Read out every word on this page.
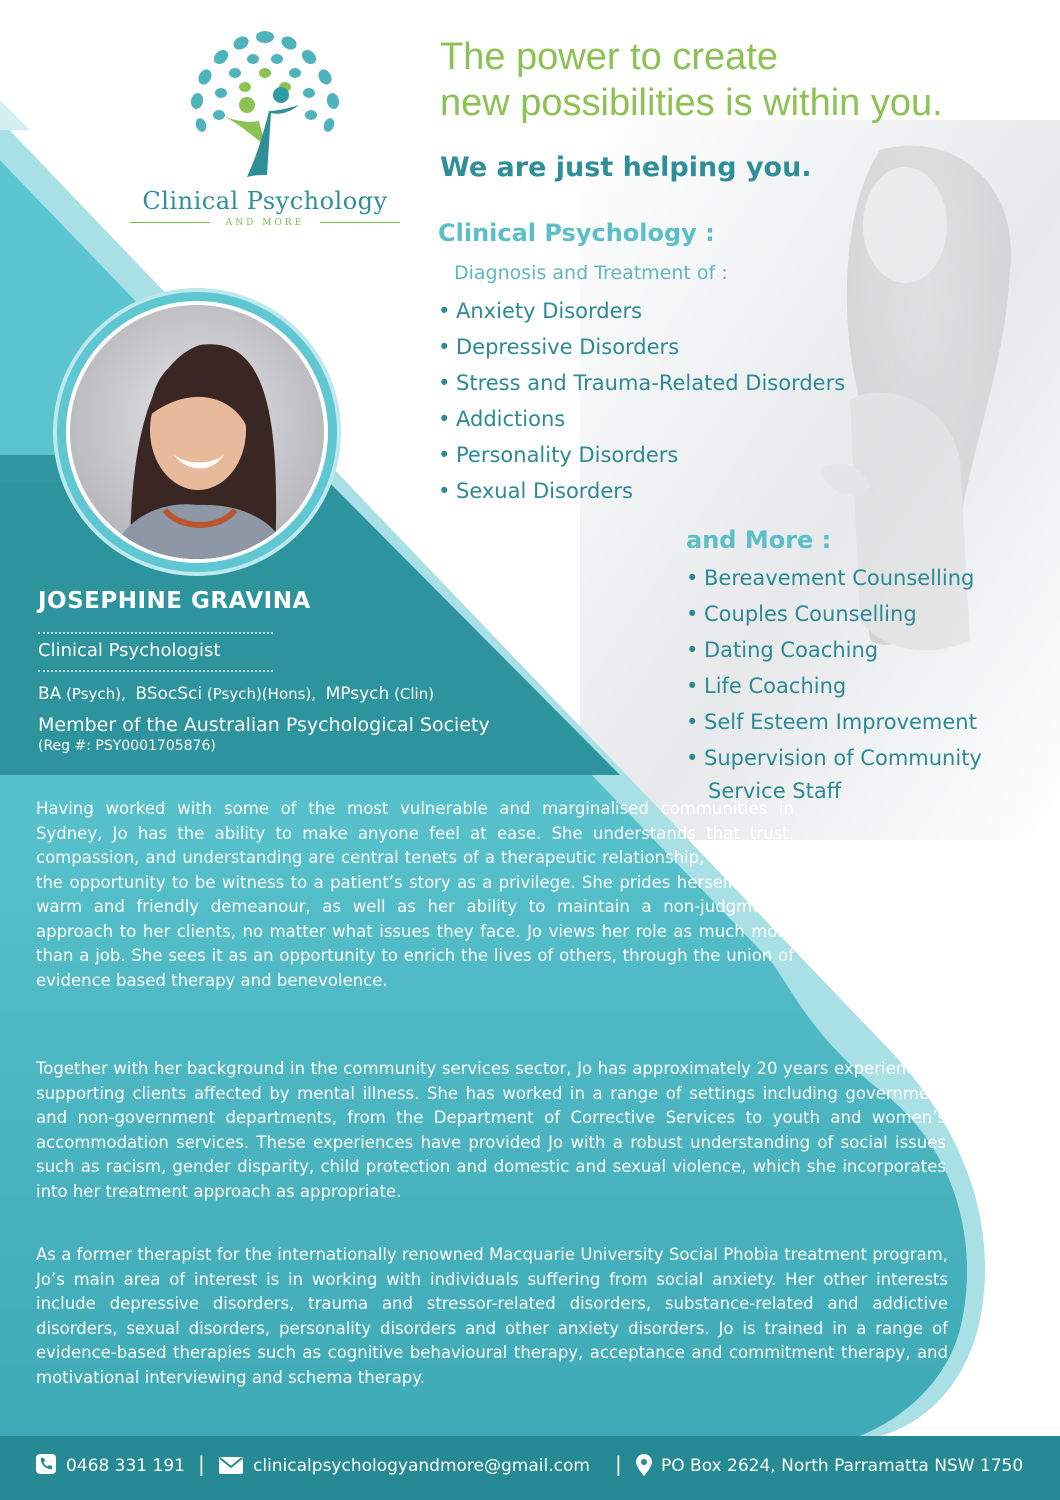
Clinical Psychology
AND MORE
The power to create
new possibilities is within you.
We are just helping you.
Clinical Psychology :
Diagnosis and Treatment of :
• Anxiety Disorders
• Depressive Disorders
• Stress and Trauma-Related Disorders
• Addictions
• Personality Disorders
• Sexual Disorders
and More :
• Bereavement Counselling
• Couples Counselling
• Dating Coaching
• Life Coaching
• Self Esteem Improvement
• Supervision of Community
Service Staff
JOSEPHINE GRAVINA
Clinical Psychologist
BA (Psych), BSocSci (Psych)(Hons), MPsych (Clin)
Member of the Australian Psychological Society
(Reg #: PSY0001705876)

Having worked with some of the most vulnerable and marginalised communities in Sydney, Jo has the ability to make anyone feel at ease. She understands that trust, compassion, and understanding are central tenets of a therapeutic relationship, and views the opportunity to be witness to a patient’s story as a privilege. She prides herself on her warm and friendly demeanour, as well as her ability to maintain a non-judgmental approach to her clients, no matter what issues they face. Jo views her role as much more than a job. She sees it as an opportunity to enrich the lives of others, through the union of evidence based therapy and benevolence.

Together with her background in the community services sector, Jo has approximately 20 years experience in supporting clients affected by mental illness. She has worked in a range of settings including government and non-government departments, from the Department of Corrective Services to youth and women’s accommodation services. These experiences have provided Jo with a robust understanding of social issues such as racism, gender disparity, child protection and domestic and sexual violence, which she incorporates into her treatment approach as appropriate.

As a former therapist for the internationally renowned Macquarie University Social Phobia treatment program, Jo’s main area of interest is in working with individuals suffering from social anxiety. Her other interests include depressive disorders, trauma and stressor-related disorders, substance-related and addictive disorders, sexual disorders, personality disorders and other anxiety disorders. Jo is trained in a range of evidence-based therapies such as cognitive behavioural therapy, acceptance and commitment therapy, and motivational interviewing and schema therapy.

0468 331 191 |	clinicalpsychologyandmore@gmail.com | PO Box 2624, North Parramatta NSW 1750
